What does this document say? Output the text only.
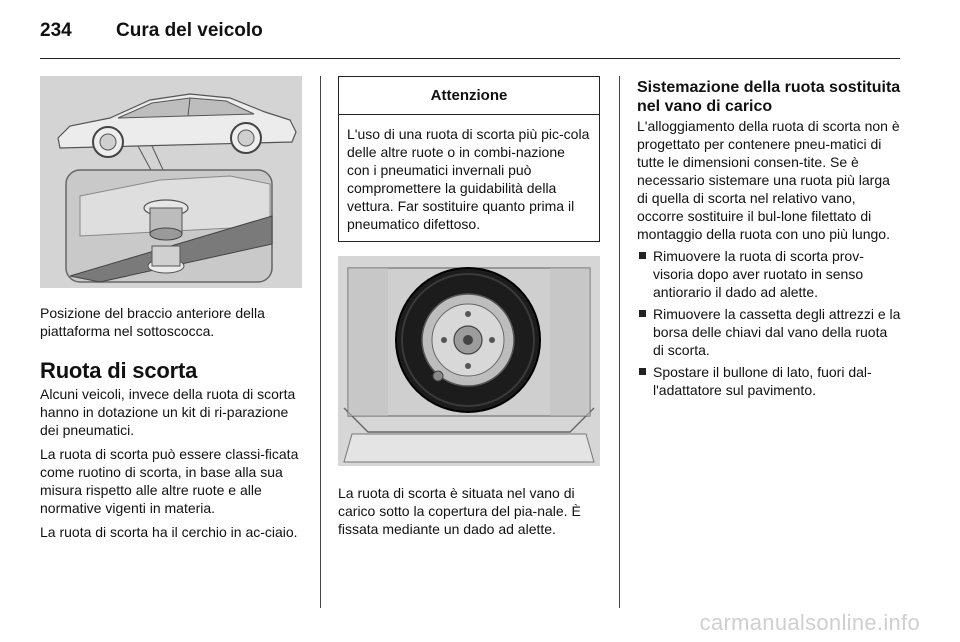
234	Cura del veicolo

Posizione del braccio anteriore della piattaforma nel sottoscocca.

Ruota di scorta

Alcuni veicoli, invece della ruota di scorta hanno in dotazione un kit di ri-parazione dei pneumatici.

La ruota di scorta può essere classi-ficata come ruotino di scorta, in base alla sua misura rispetto alle altre ruote e alle normative vigenti in materia.

La ruota di scorta ha il cerchio in ac-ciaio.

Attenzione
L'uso di una ruota di scorta più pic-cola delle altre ruote o in combi-nazione con i pneumatici invernali può compromettere la guidabilità della vettura. Far sostituire quanto prima il pneumatico difettoso.

La ruota di scorta è situata nel vano di carico sotto la copertura del pia-nale. È fissata mediante un dado ad alette.

Sistemazione della ruota sostituita nel vano di carico

L'alloggiamento della ruota di scorta non è progettato per contenere pneu-matici di tutte le dimensioni consen-tite. Se è necessario sistemare una ruota più larga di quella di scorta nel relativo vano, occorre sostituire il bul-lone filettato di montaggio della ruota con uno più lungo.

Rimuovere la ruota di scorta prov-visoria dopo aver ruotato in senso antiorario il dado ad alette.
Rimuovere la cassetta degli attrezzi e la borsa delle chiavi dal vano della ruota di scorta.
Spostare il bullone di lato, fuori dal-l'adattatore sul pavimento.
carmanualsonline.info
